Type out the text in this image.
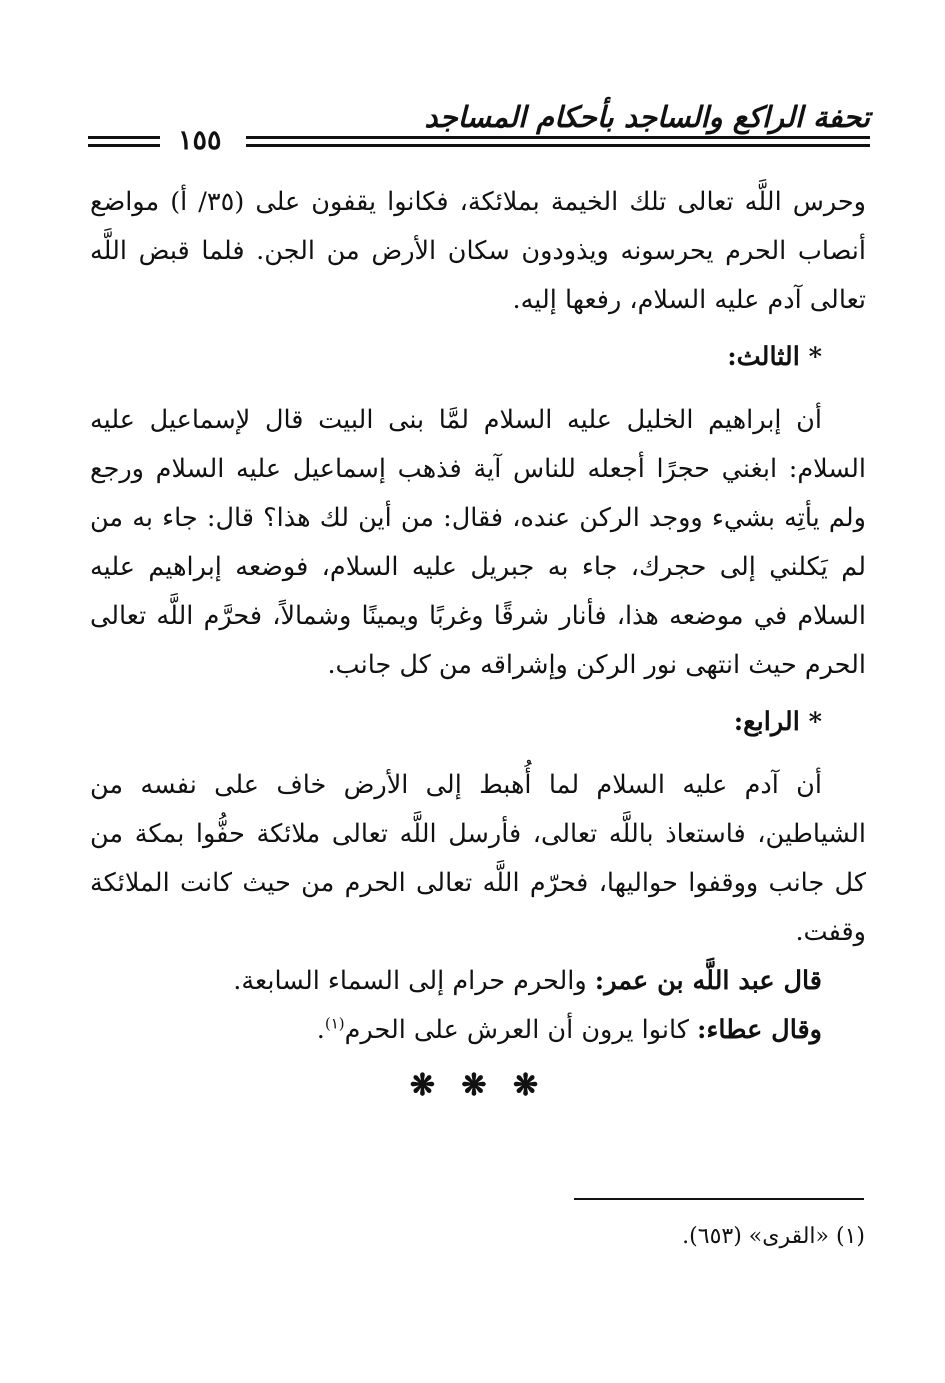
تحفة الراكع والساجد بأحكام المساجد
١٥٥

وحرس اللَّه تعالى تلك الخيمة بملائكة، فكانوا يقفون على (٣٥/ أ) مواضع أنصاب الحرم يحرسونه ويذودون سكان الأرض من الجن. فلما قبض اللَّه تعالى آدم عليه السلام، رفعها إليه.

* الثالث:

أن إبراهيم الخليل عليه السلام لمَّا بنى البيت قال لإسماعيل عليه السلام: ابغني حجرًا أجعله للناس آية فذهب إسماعيل عليه السلام ورجع ولم يأتِه بشيء ووجد الركن عنده، فقال: من أين لك هذا؟ قال: جاء به من لم يَكلني إلى حجرك، جاء به جبريل عليه السلام، فوضعه إبراهيم عليه السلام في موضعه هذا، فأنار شرقًا وغربًا ويمينًا وشمالاً، فحرَّم اللَّه تعالى الحرم حيث انتهى نور الركن وإشراقه من كل جانب.

* الرابع:

أن آدم عليه السلام لما أُهبط إلى الأرض خاف على نفسه من الشياطين، فاستعاذ باللَّه تعالى، فأرسل اللَّه تعالى ملائكة حفُّوا بمكة من كل جانب ووقفوا حواليها، فحرّم اللَّه تعالى الحرم من حيث كانت الملائكة وقفت.

قال عبد اللَّه بن عمر: والحرم حرام إلى السماء السابعة.

وقال عطاء: كانوا يرون أن العرش على الحرم$^{(١)}$.

❋ ❋ ❋

(١) «القرى» (٦٥٣).
